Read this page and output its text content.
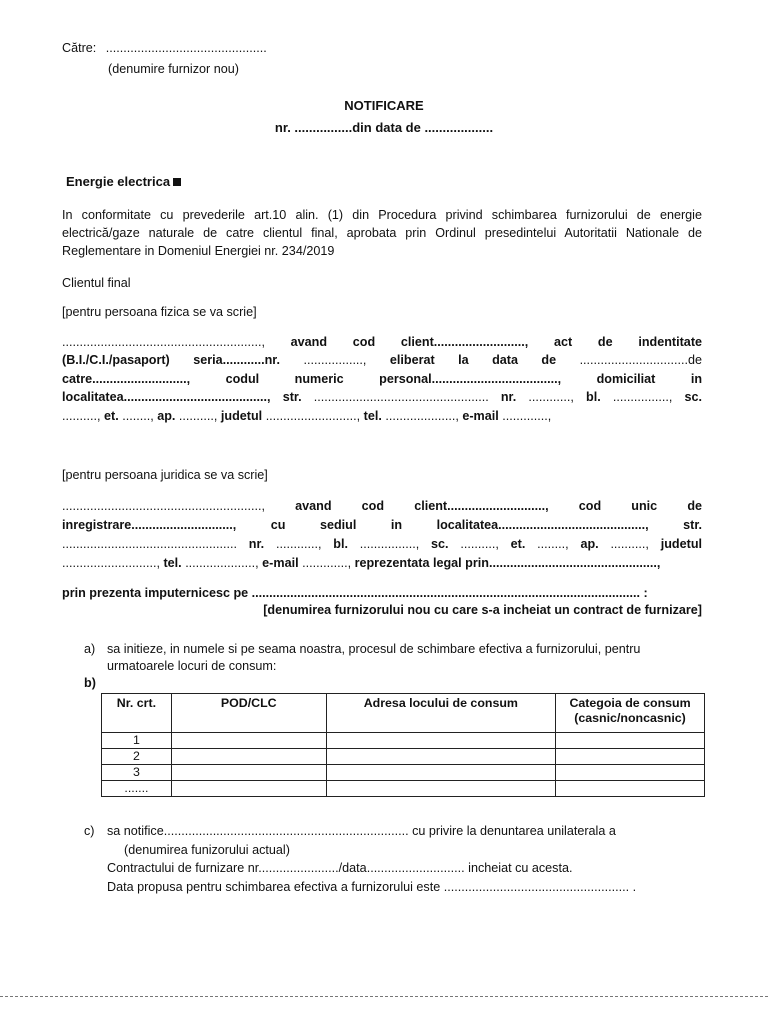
Către: ..............................................
(denumire furnizor nou)
NOTIFICARE
nr. ................din data de ...................
Energie electrica
In conformitate cu prevederile art.10 alin. (1) din Procedura privind schimbarea furnizorului de energie electrică/gaze naturale de catre clientul final, aprobata prin Ordinul presedintelui Autoritatii Nationale de Reglementare in Domeniul Energiei nr. 234/2019
Clientul final
[pentru persoana fizica se va scrie]
........................................................., avand cod client.........................., act de indentitate
(B.I./C.I./pasaport) seria............nr. ................., eliberat la data de ...............................de
catre...........................,	codul	numeric	personal....................................,	domiciliat	in
localitatea........................................., str. .................................................. nr. ............, bl. ................, sc.
.........., et. ........, ap. .........., judetul .........................., tel. ...................., e-mail .............,
[pentru persoana juridica se va scrie]
........................................................., avand cod client............................, cod unic de
inregistrare.............................,	cu	sediul	in	localitatea..........................................,	str.
.................................................. nr. ............, bl. ................, sc. .........., et. ........, ap. .........., judetul
..........................., tel. ...................., e-mail ............., reprezentata legal prin................................................,
prin prezenta imputernicesc pe ............................................................................................................... :
[denumirea furnizorului nou cu care s-a incheiat un contract de furnizare]
a) sa initieze, in numele si pe seama noastra, procesul de schimbare efectiva a furnizorului, pentru
urmatoarele locuri de consum:
b)
Nr. crt.	POD/CLC	Adresa locului de consum	Categoia de consum (casnic/noncasnic)
1			
2			
3			
.......			
c) sa notifice...................................................................... cu privire la denuntarea unilaterala a
(denumirea funizorului actual)
Contractului de furnizare nr......................./data............................ incheiat cu acesta.
Data propusa pentru schimbarea efectiva a furnizorului este ..................................................... .
